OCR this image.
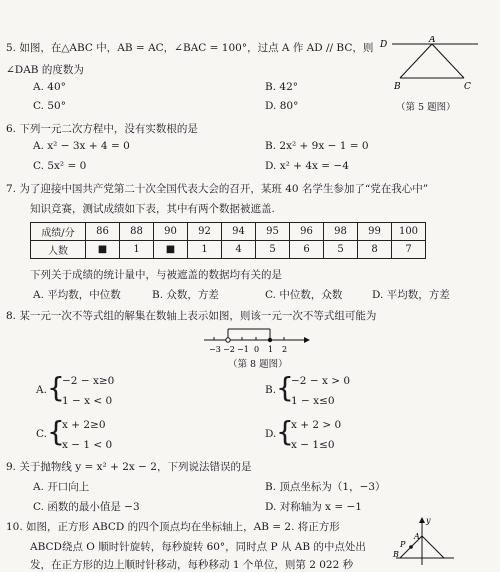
5. 如图，在△ABC 中，AB = AC，∠BAC = 100°，过点 A 作 AD // BC，则
∠DAB 的度数为
A. 40°	B. 42°
C. 50°	D. 80°
D	A
B	C
（第 5 题图）
6. 下列一元二次方程中，没有实数根的是
A. x² − 3x + 4 = 0	B. 2x² + 9x − 1 = 0
C. 5x² = 0	D. x² + 4x = −4
7. 为了迎接中国共产党第二十次全国代表大会的召开，某班 40 名学生参加了“党在我心中”
知识竞赛，测试成绩如下表，其中有两个数据被遮盖.
成绩/分	86	88	90	92	94	95	96	98	99	100
人数	■	1	■	1	4	5	6	5	8	7
下列关于成绩的统计量中，与被遮盖的数据均有关的是
A. 平均数，中位数	B. 众数，方差	C. 中位数，众数	D. 平均数，方差
8. 某一元一次不等式组的解集在数轴上表示如图，则该一元一次不等式组可能为
−3 −2 −1 0 1 2
（第 8 题图）
A. {
−2 − x≥0
1 − x < 0
B. {
−2 − x > 0
1 − x≤0
C. {
x + 2≥0
x − 1 < 0
D. {
x + 2 > 0
x − 1≤0
9. 关于抛物线 y = x² + 2x − 2，下列说法错误的是
A. 开口向上	B. 顶点坐标为（1，−3）
C. 函数的最小值是 −3	D. 对称轴为 x = −1
10. 如图，正方形 ABCD 的四个顶点均在坐标轴上，AB = 2. 将正方形
ABCD绕点 O 顺时针旋转，每秒旋转 60°，同时点 P 从 AB 的中点处出
发，在正方形的边上顺时针移动，每秒移动 1 个单位，则第 2 022 秒
y
P
A
B
